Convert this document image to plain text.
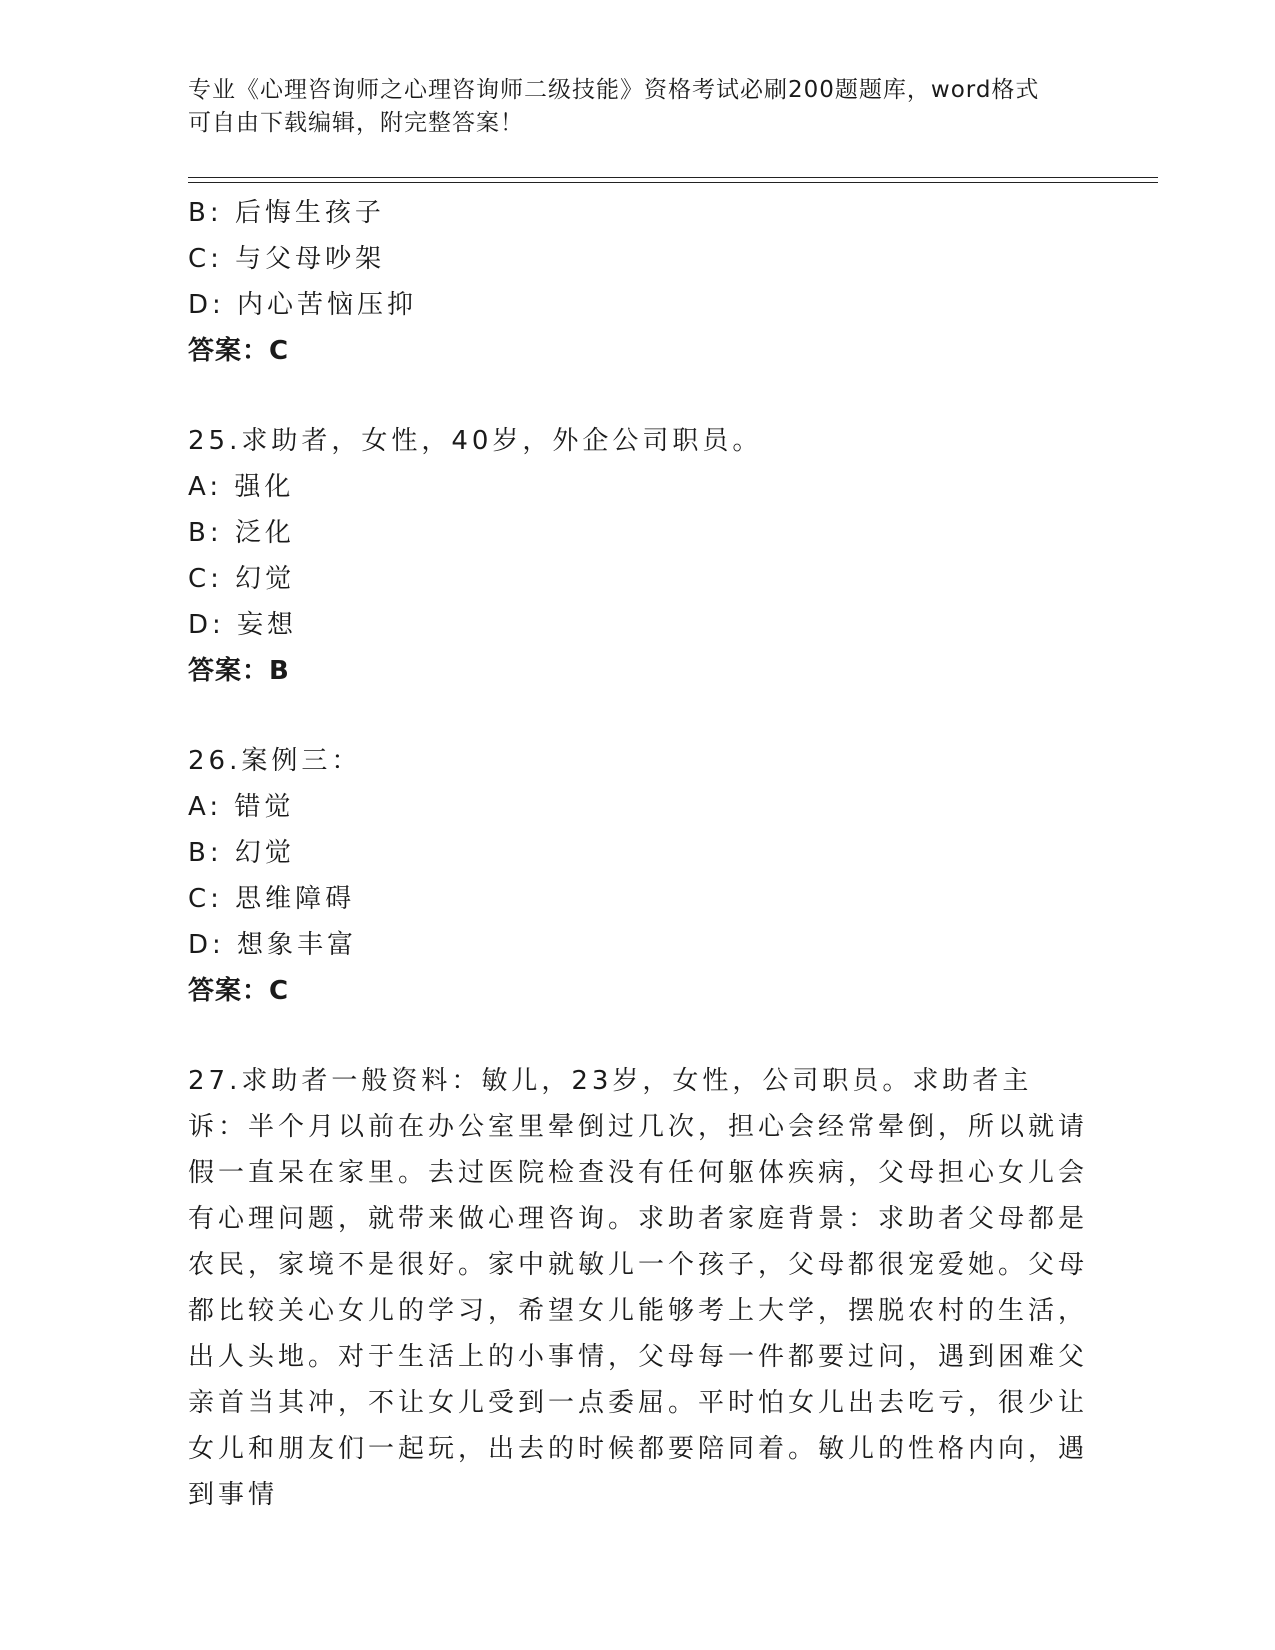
专业《心理咨询师之心理咨询师二级技能》资格考试必刷200题题库，word格式
可自由下载编辑，附完整答案！
B: 后悔生孩子
C: 与父母吵架
D: 内心苦恼压抑
答案：C
25.求助者，女性，40岁，外企公司职员。
A: 强化
B: 泛化
C: 幻觉
D: 妄想
答案：B
26.案例三：
A: 错觉
B: 幻觉
C: 思维障碍
D: 想象丰富
答案：C
27.求助者一般资料：敏儿，23岁，女性，公司职员。求助者主诉：半个月以前在办公室里晕倒过几次，担心会经常晕倒，所以就请假一直呆在家里。去过医院检查没有任何躯体疾病，父母担心女儿会有心理问题，就带来做心理咨询。求助者家庭背景：求助者父母都是农民，家境不是很好。家中就敏儿一个孩子，父母都很宠爱她。父母都比较关心女儿的学习，希望女儿能够考上大学，摆脱农村的生活，出人头地。对于生活上的小事情，父母每一件都要过问，遇到困难父亲首当其冲，不让女儿受到一点委屈。平时怕女儿出去吃亏，很少让女儿和朋友们一起玩，出去的时候都要陪同着。敏儿的性格内向，遇到事情
